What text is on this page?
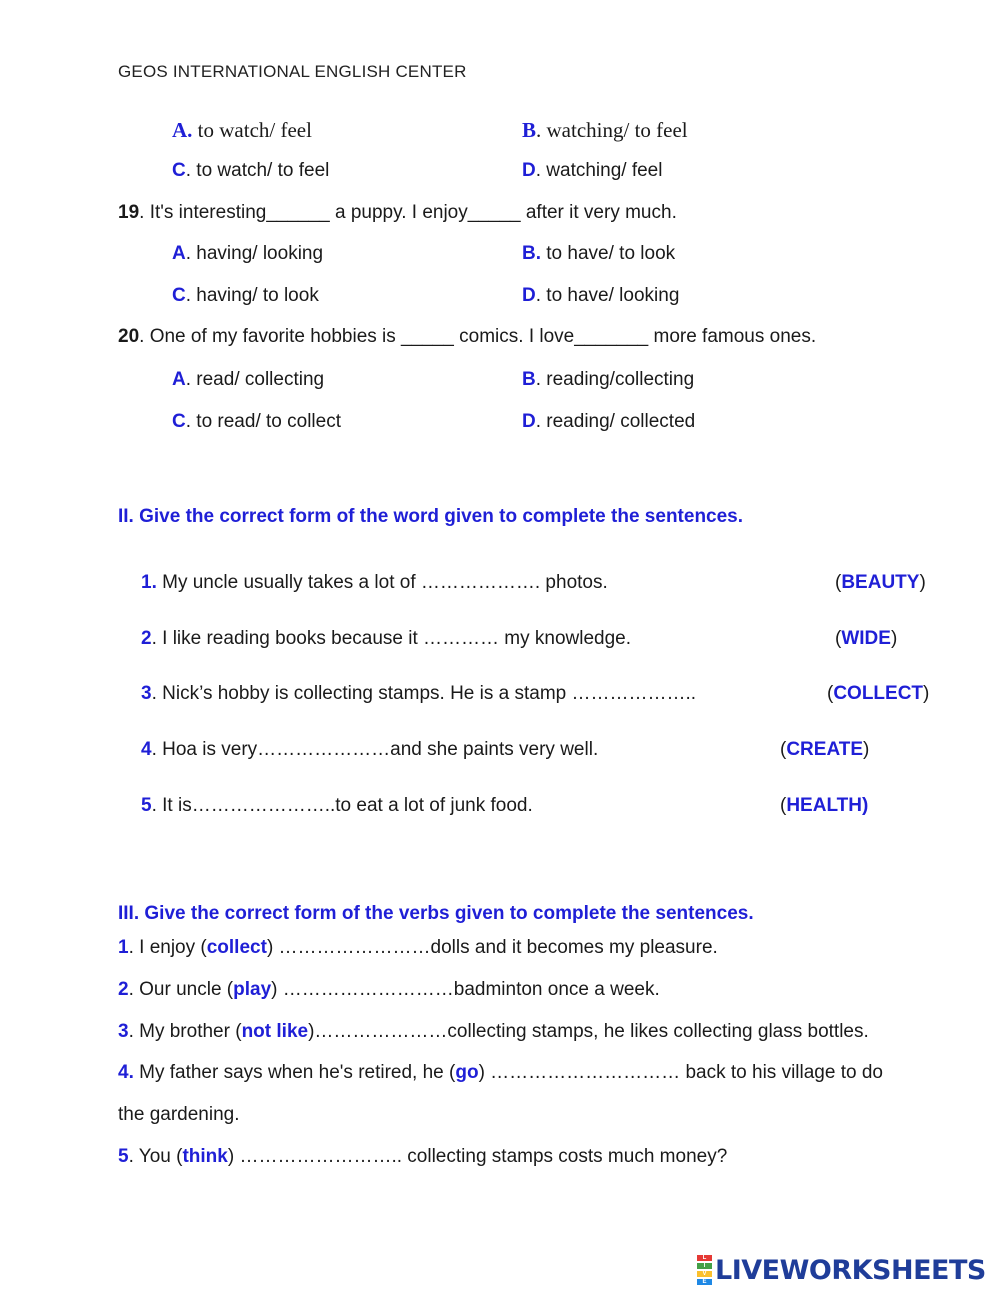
GEOS INTERNATIONAL ENGLISH CENTER
A. to watch/ feel	B. watching/ to feel
C. to watch/ to feel	D. watching/ feel
19. It's interesting______ a puppy. I enjoy_____ after it very much.
A. having/ looking	B. to have/ to look
C. having/ to look	D. to have/ looking
20. One of my favorite hobbies is _____ comics. I love_______ more famous ones.
A. read/ collecting	B. reading/collecting
C. to read/ to collect	D. reading/ collected
II. Give the correct form of the word given to complete the sentences.
1. My uncle usually takes a lot of ………………. photos.	(BEAUTY)
2. I like reading books because it ………… my knowledge.	(WIDE)
3. Nick’s hobby is collecting stamps. He is a stamp ………………..	(COLLECT)
4. Hoa is very…………………and she paints very well.	(CREATE)
5. It is…………………..to eat a lot of junk food.	(HEALTH)
III. Give the correct form of the verbs given to complete the sentences.
1. I enjoy (collect) ……………………dolls and it becomes my pleasure.
2. Our uncle (play) ………………………badminton once a week.
3. My brother (not like)…………………collecting stamps, he likes collecting glass bottles.
4. My father says when he's retired, he (go) ………………………… back to his village to do
the gardening.
5. You (think) …………………….. collecting stamps costs much money?
L
I
V
E LIVEWORKSHEETS
